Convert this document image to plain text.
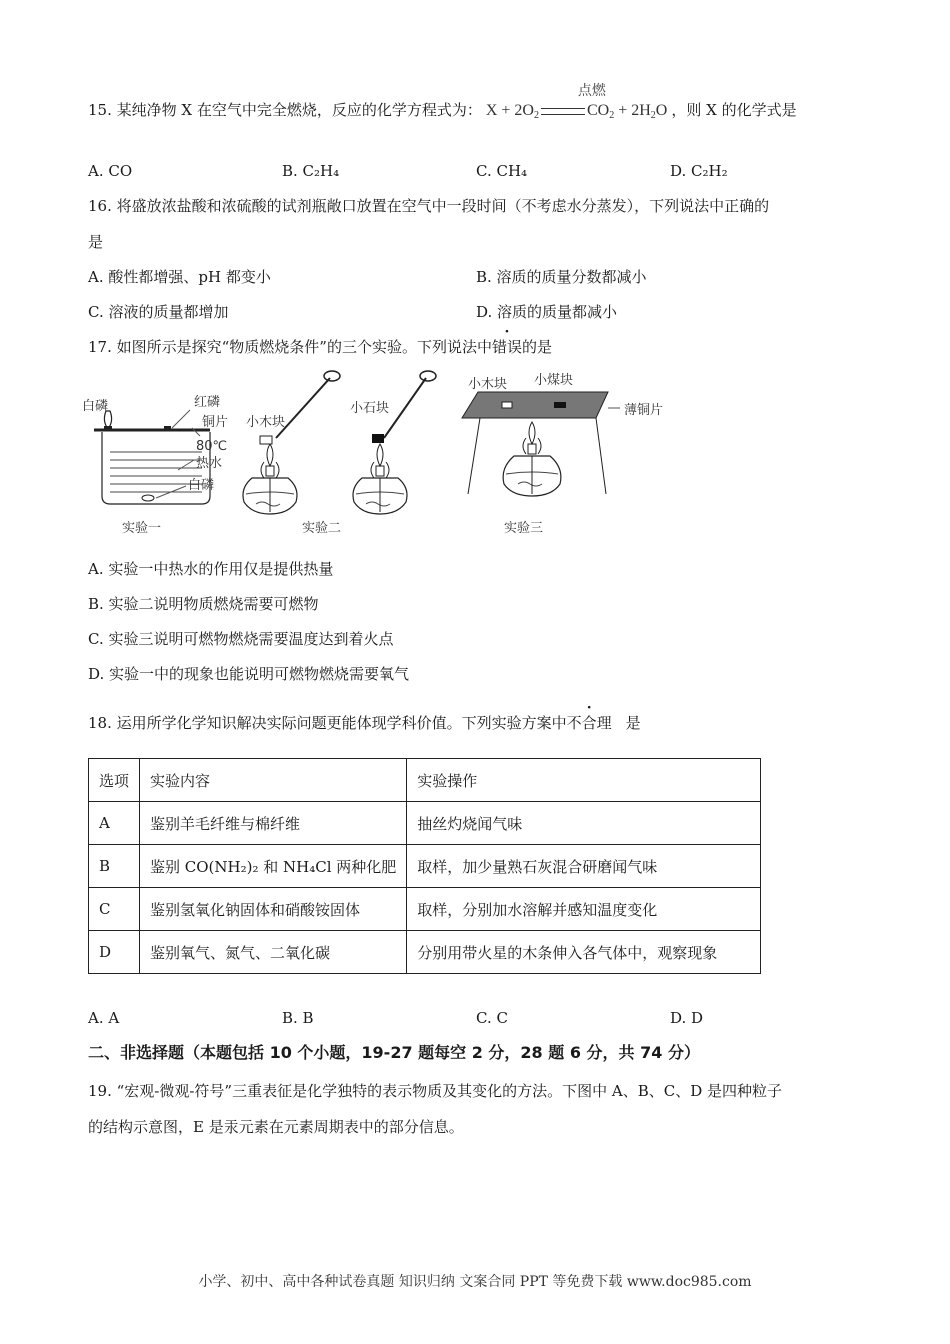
15. 某纯净物 X 在空气中完全燃烧，反应的化学方程式为： $X + 2O_2$
点燃
$CO_2 + 2H_2O$ ，则 X 的化学式是
A. CO	B. C₂H₄	C. CH₄	D. C₂H₂
16. 将盛放浓盐酸和浓硫酸的试剂瓶敞口放置在空气中一段时间（不考虑水分蒸发），下列说法中正确的
是
A. 酸性都增强、pH 都变小	B. 溶质的质量分数都减小
C. 溶液的质量都增加	D. 溶质的质量都减小
17. 如图所示是探究“物质燃烧条件”的三个实验。下列说法中错误的是
白磷	红磷
铜片
80℃
热水
白磷
实验一
小木块
小石块
实验二
小木块 小煤块
薄铜片
实验三
A. 实验一中热水的作用仅是提供热量
B. 实验二说明物质燃烧需要可燃物
C. 实验三说明可燃物燃烧需要温度达到着火点
D. 实验一中的现象也能说明可燃物燃烧需要氧气
18. 运用所学化学知识解决实际问题更能体现学科价值。下列实验方案中不合理 是
选项	实验内容	实验操作
A	鉴别羊毛纤维与棉纤维	抽丝灼烧闻气味
B	鉴别 CO(NH₂)₂ 和 NH₄Cl 两种化肥	取样，加少量熟石灰混合研磨闻气味
C	鉴别氢氧化钠固体和硝酸铵固体	取样，分别加水溶解并感知温度变化
D	鉴别氧气、氮气、二氧化碳	分别用带火星的木条伸入各气体中，观察现象
A. A	B. B	C. C	D. D
二、非选择题（本题包括 10 个小题，19-27 题每空 2 分，28 题 6 分，共 74 分）
19. “宏观-微观-符号”三重表征是化学独特的表示物质及其变化的方法。下图中 A、B、C、D 是四种粒子
的结构示意图，E 是汞元素在元素周期表中的部分信息。
小学、初中、高中各种试卷真题 知识归纳 文案合同 PPT 等免费下载 www.doc985.com
